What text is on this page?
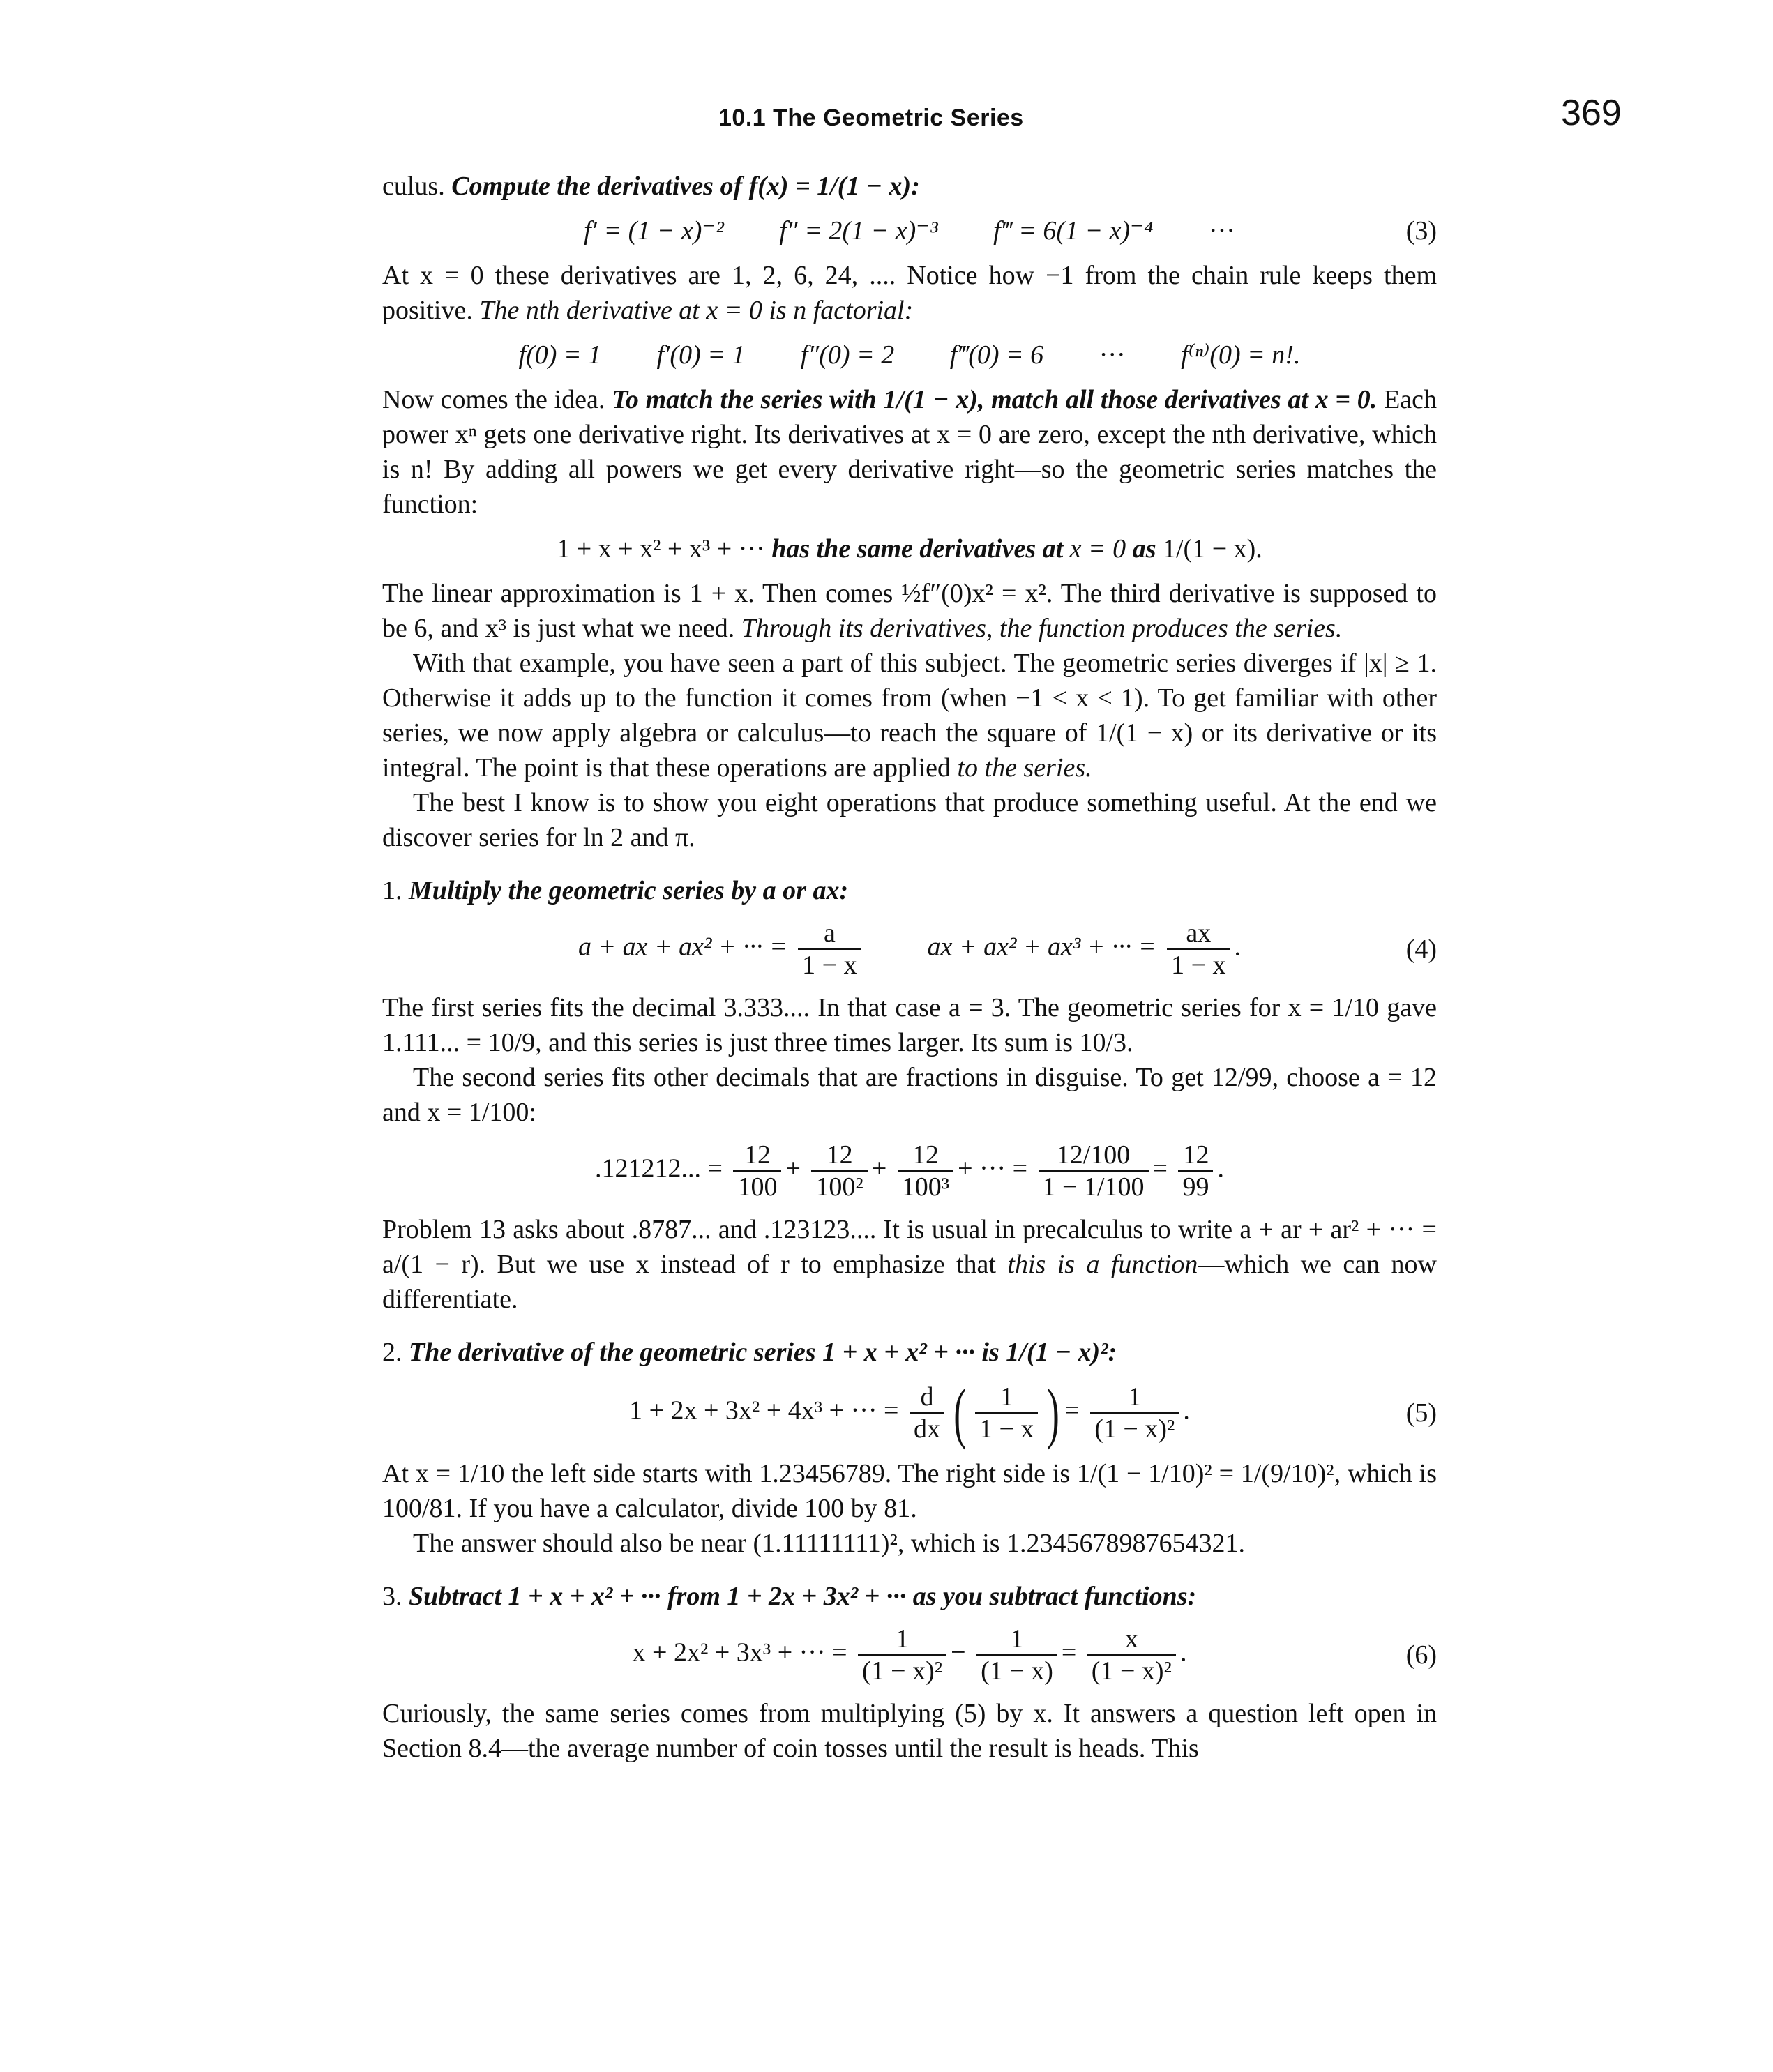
10.1 The Geometric Series	369

culus. Compute the derivatives of f(x) = 1/(1 − x):

f′ = (1 − x)⁻² f″ = 2(1 − x)⁻³ f‴ = 6(1 − x)⁻⁴ ···	(3)

At x = 0 these derivatives are 1, 2, 6, 24, .... Notice how −1 from the chain rule keeps them positive. The nth derivative at x = 0 is n factorial:

f(0) = 1 f′(0) = 1 f″(0) = 2 f‴(0) = 6 ··· f⁽ⁿ⁾(0) = n!.

Now comes the idea. To match the series with 1/(1 − x), match all those derivatives at x = 0. Each power xⁿ gets one derivative right. Its derivatives at x = 0 are zero, except the nth derivative, which is n! By adding all powers we get every derivative right—so the geometric series matches the function:

1 + x + x² + x³ + ··· has the same derivatives at x = 0 as 1/(1 − x).

The linear approximation is 1 + x. Then comes ½f″(0)x² = x². The third derivative is supposed to be 6, and x³ is just what we need. Through its derivatives, the function produces the series.

With that example, you have seen a part of this subject. The geometric series diverges if |x| ≥ 1. Otherwise it adds up to the function it comes from (when −1 < x < 1). To get familiar with other series, we now apply algebra or calculus—to reach the square of 1/(1 − x) or its derivative or its integral. The point is that these operations are applied to the series.

The best I know is to show you eight operations that produce something useful. At the end we discover series for ln 2 and π.

1. Multiply the geometric series by a or ax:

a + ax + ax² + ··· = $\frac{a}{1 - x}$	ax + ax² + ax³ + ··· = $\frac{ax}{1 - x}$ .	(4)

The first series fits the decimal 3.333.... In that case a = 3. The geometric series for x = 1/10 gave 1.111... = 10/9, and this series is just three times larger. Its sum is 10/3.

The second series fits other decimals that are fractions in disguise. To get 12/99, choose a = 12 and x = 1/100:

.121212... = $\frac{12}{100} + \frac{12}{\text{100²}} + \frac{12}{\text{100³}}$ + ··· = $\frac{12/100}{1 - 1/100} = \frac{12}{99}$ .

Problem 13 asks about .8787... and .123123.... It is usual in precalculus to write a + ar + ar² + ··· = a/(1 − r). But we use x instead of r to emphasize that this is a function—which we can now differentiate.

2. The derivative of the geometric series 1 + x + x² + ··· is 1/(1 − x)²:

1 + 2x + 3x² + 4x³ + ··· = $\frac{d}{dx}$ ( $\frac{1}{1 - x}$ ) = $\frac{1}{\text{(1 − x)²}}$ .	(5)

At x = 1/10 the left side starts with 1.23456789. The right side is 1/(1 − 1/10)² = 1/(9/10)², which is 100/81. If you have a calculator, divide 100 by 81.

The answer should also be near (1.11111111)², which is 1.2345678987654321.

3. Subtract 1 + x + x² + ··· from 1 + 2x + 3x² + ··· as you subtract functions:

x + 2x² + 3x³ + ··· = $\frac{1}{\text{(1 − x)²}} - \frac{1}{(1 - x)} = \frac{x}{\text{(1 − x)²}}$ .	(6)

Curiously, the same series comes from multiplying (5) by x. It answers a question left open in Section 8.4—the average number of coin tosses until the result is heads. This
